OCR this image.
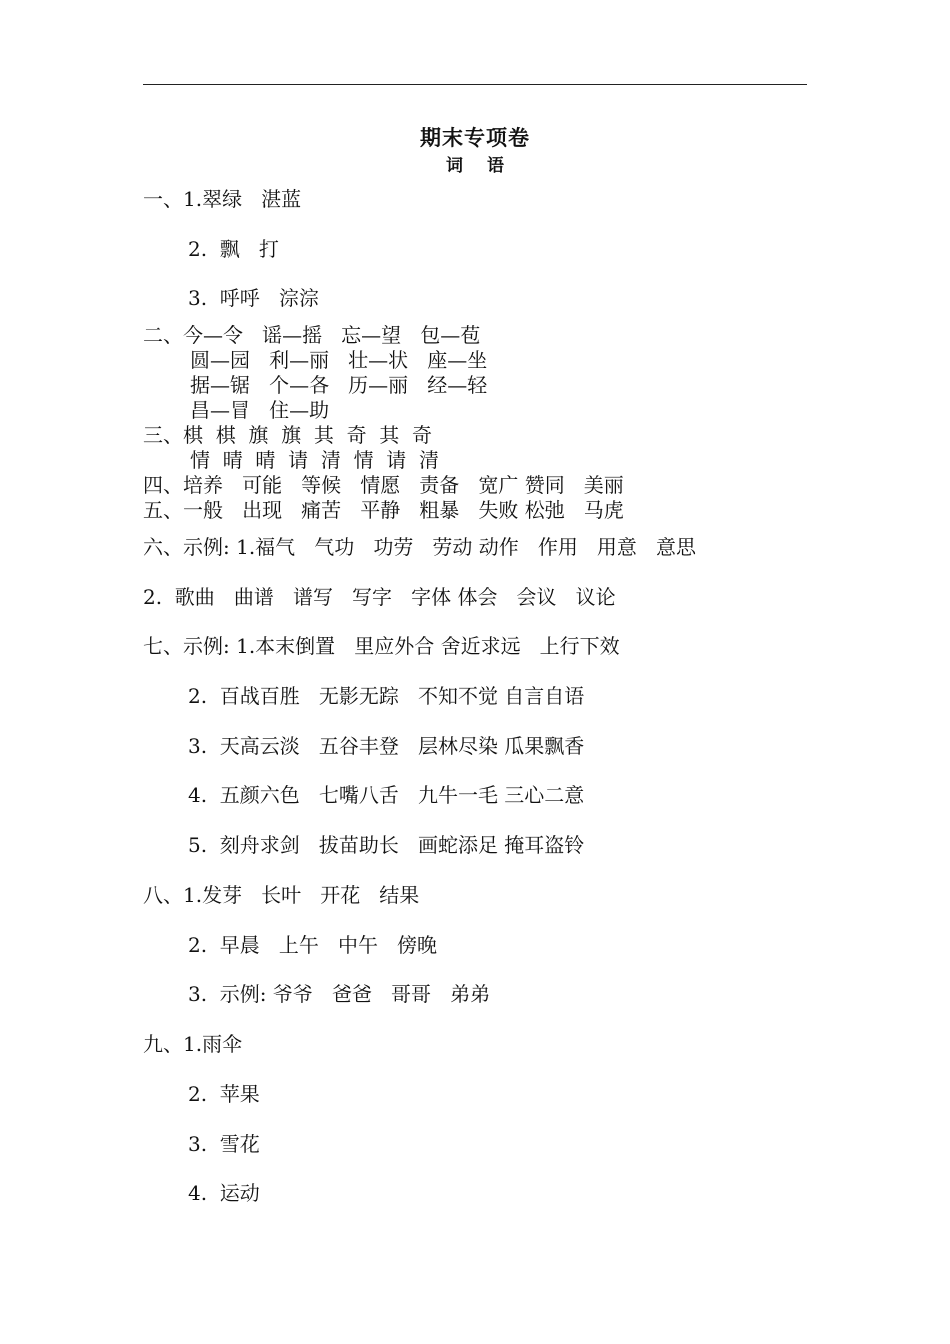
期末专项卷
词 语
一、1.翠绿   湛蓝
2.  飘   打
3.  呼呼   淙淙
二、今—令   谣—摇   忘—望   包—苞
圆—园   利—丽   壮—状   座—坐
据—锯   个—各   历—丽   经—轻
昌—冒   住—助
三、棋  棋  旗  旗  其  奇  其  奇
情  晴  晴  请  清  情  请  清
四、培养   可能   等候   情愿   责备   宽广 赞同   美丽
五、一般   出现   痛苦   平静   粗暴   失败 松弛   马虎
六、示例: 1.福气   气功   功劳   劳动 动作   作用   用意   意思
2.  歌曲   曲谱   谱写   写字   字体 体会   会议   议论
七、示例: 1.本末倒置   里应外合 舍近求远   上行下效
2.  百战百胜   无影无踪   不知不觉 自言自语
3.  天高云淡   五谷丰登   层林尽染 瓜果飘香
4.  五颜六色   七嘴八舌   九牛一毛 三心二意
5.  刻舟求剑   拔苗助长   画蛇添足 掩耳盗铃
八、1.发芽   长叶   开花   结果
2.  早晨   上午   中午   傍晚
3.  示例: 爷爷   爸爸   哥哥   弟弟
九、1.雨伞
2.  苹果
3.  雪花
4.  运动
